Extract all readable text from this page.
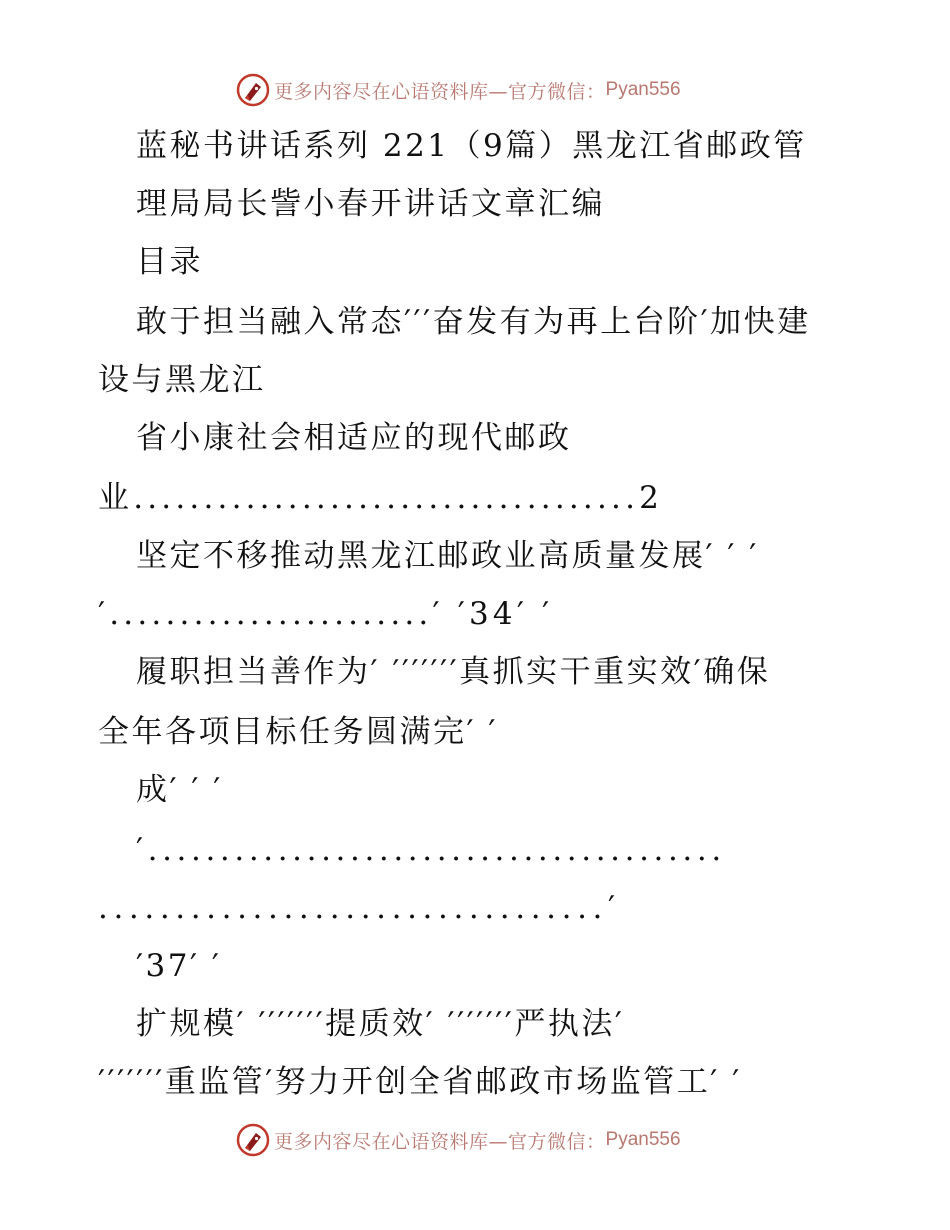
更多内容尽在心语资料库—官方微信： Pyan556
蓝秘书讲话系列 221（9篇）黑龙江省邮政管
理局局长訾小春开讲话文章汇编
目录
敢于担当融入常态′′′奋发有为再上台阶′加快建
设与黑龙江
省小康社会相适应的现代邮政
业....................................2
坚定不移推动黑龙江邮政业高质量发展′ ′ ′
′.......................′ ′34′ ′
履职担当善作为′ ′′′′′′′真抓实干重实效′确保
全年各项目标任务圆满完′ ′
成′ ′ ′
′........................................
.................................′
′37′ ′
扩规模′ ′′′′′′′提质效′ ′′′′′′′严执法′
′′′′′′′重监管′努力开创全省邮政市场监管工′ ′
更多内容尽在心语资料库—官方微信： Pyan556
